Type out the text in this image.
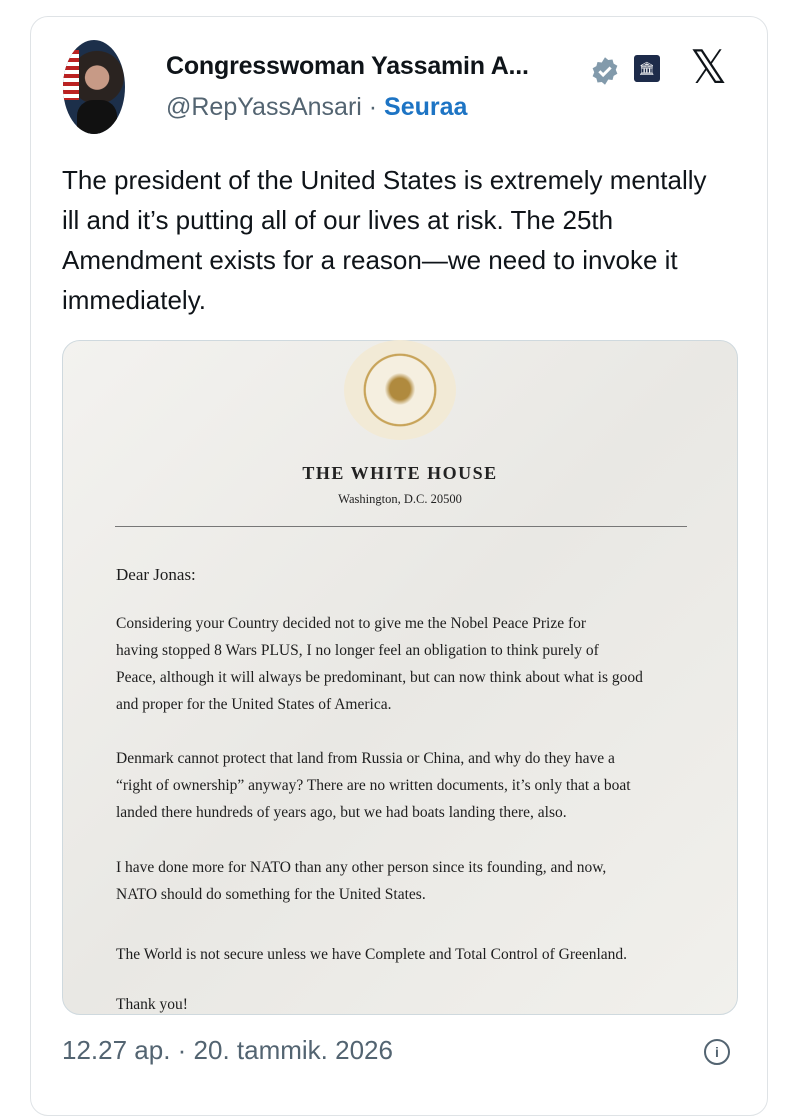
Congresswoman Yassamin A...	🏛 𝕏
@RepYassAnsari · Seuraa
The president of the United States is extremely mentally ill and it’s putting all of our lives at risk. The 25th Amendment exists for a reason—we need to invoke it immediately.
THE WHITE HOUSE
Washington, D.C. 20500
Dear Jonas:
Considering your Country decided not to give me the Nobel Peace Prize for
having stopped 8 Wars PLUS, I no longer feel an obligation to think purely of
Peace, although it will always be predominant, but can now think about what is good
and proper for the United States of America.
Denmark cannot protect that land from Russia or China, and why do they have a
“right of ownership” anyway? There are no written documents, it’s only that a boat
landed there hundreds of years ago, but we had boats landing there, also.
I have done more for NATO than any other person since its founding, and now,
NATO should do something for the United States.
The World is not secure unless we have Complete and Total Control of Greenland.
Thank you!
12.27 ap. · 20. tammik. 2026	i
